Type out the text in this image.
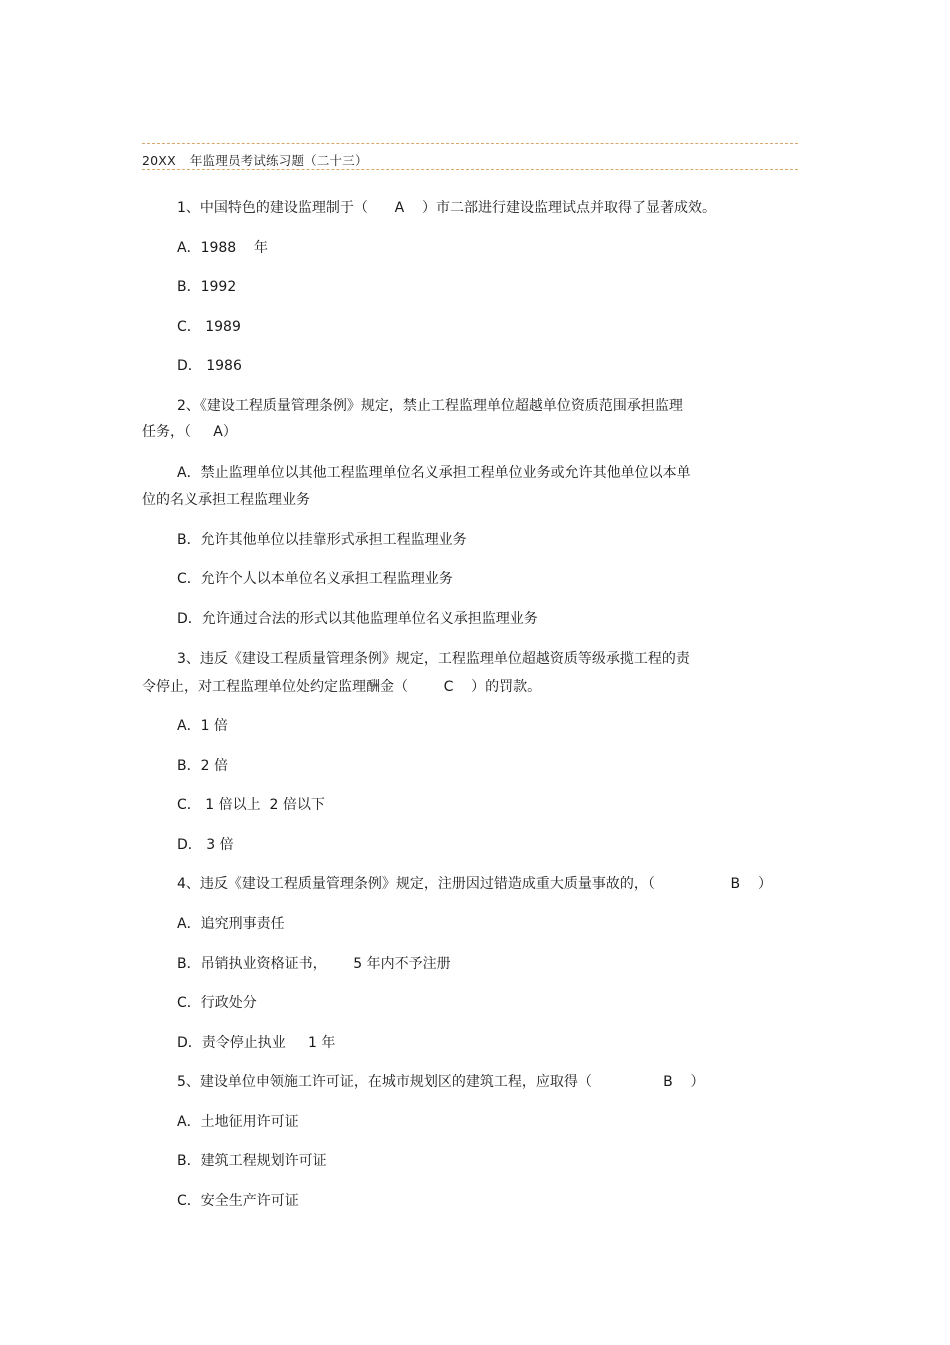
20XX 年监理员考试练习题（二十三）
1、中国特色的建设监理制于（      A    ）市二部进行建设监理试点并取得了显著成效。
A．1988    年
B．1992
C． 1989
D． 1986
2、《建设工程质量管理条例》规定，禁止工程监理单位超越单位资质范围承担监理
任务，（     A）
A．禁止监理单位以其他工程监理单位名义承担工程单位业务或允许其他单位以本单
位的名义承担工程监理业务
B．允许其他单位以挂靠形式承担工程监理业务
C．允许个人以本单位名义承担工程监理业务
D．允许通过合法的形式以其他监理单位名义承担监理业务
3、违反《建设工程质量管理条例》规定，工程监理单位超越资质等级承揽工程的责
令停止，对工程监理单位处约定监理酬金（        C    ）的罚款。
A．1 倍
B．2 倍
C． 1 倍以上  2 倍以下
D． 3 倍
4、违反《建设工程质量管理条例》规定，注册因过错造成重大质量事故的，（                 B    ）
A．追究刑事责任
B．吊销执业资格证书，      5 年内不予注册
C．行政处分
D．责令停止执业     1 年
5、建设单位申领施工许可证，在城市规划区的建筑工程，应取得（                B    ）
A．土地征用许可证
B．建筑工程规划许可证
C．安全生产许可证
